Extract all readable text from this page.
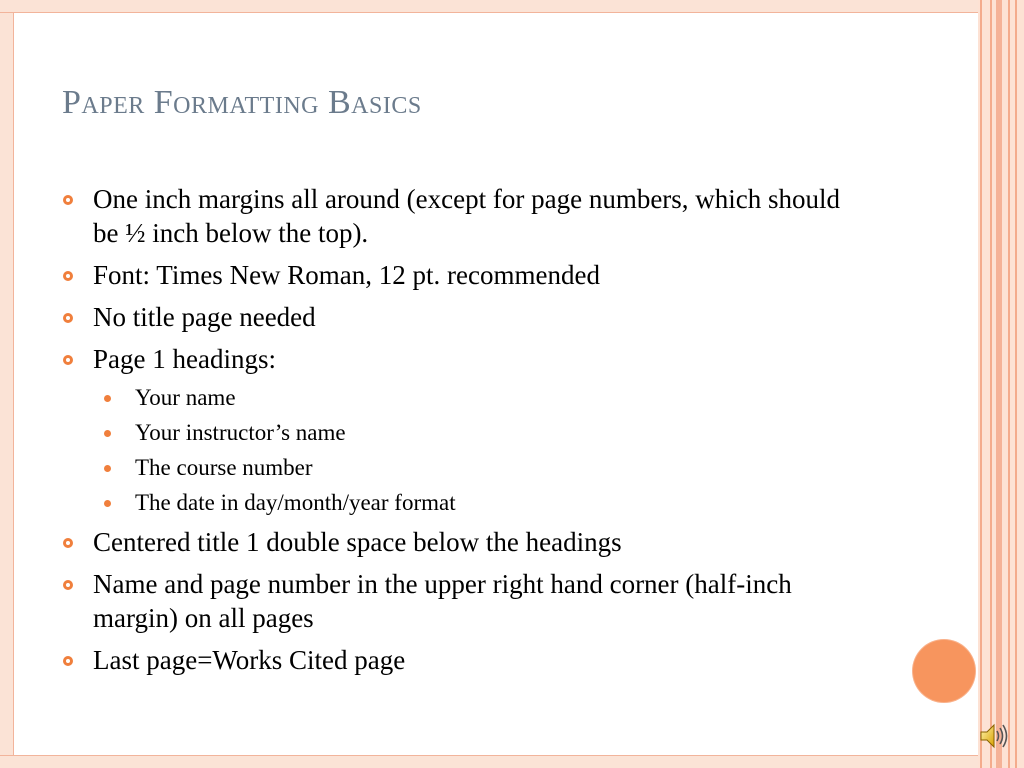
Paper Formatting Basics
One inch margins all around (except for page numbers, which should be ½ inch below the top).
Font: Times New Roman, 12 pt. recommended
No title page needed
Page 1 headings:
Your name
Your instructor’s name
The course number
The date in day/month/year format
Centered title 1 double space below the headings
Name and page number in the upper right hand corner (half-inch margin) on all pages
Last page=Works Cited page
